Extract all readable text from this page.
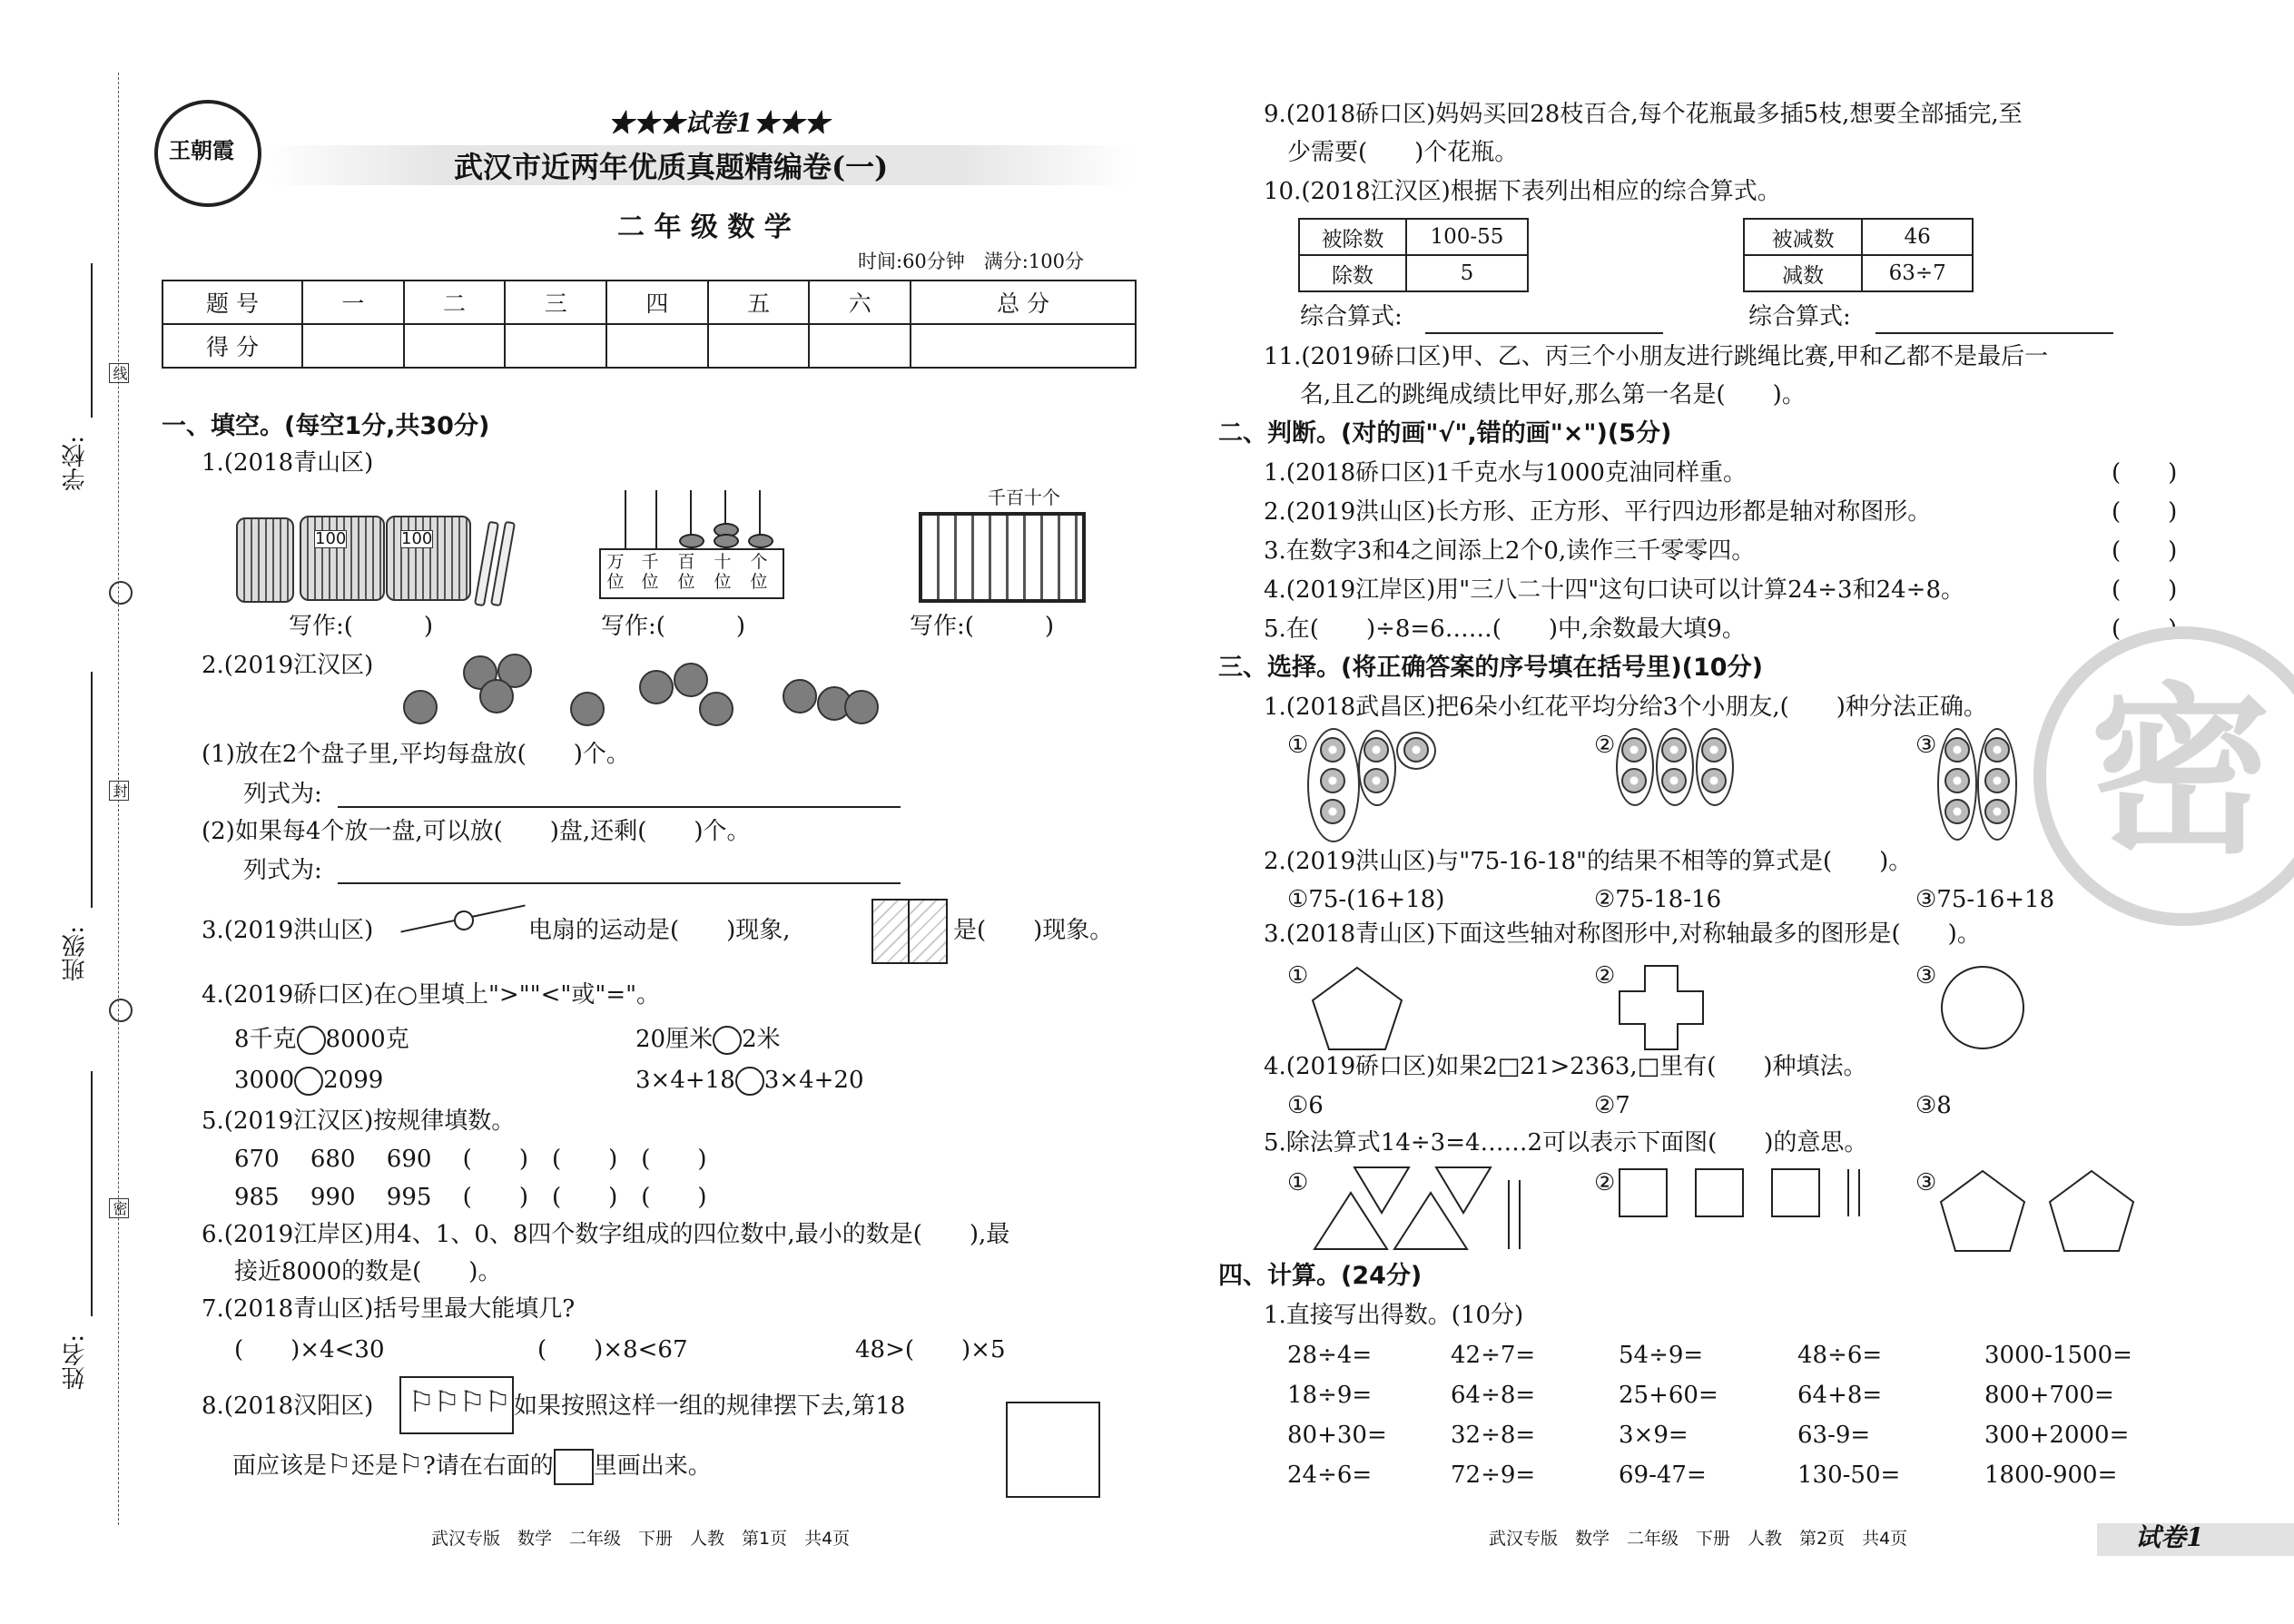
学校:
班级:
姓名:
线
封
密
王朝霞
★★★试卷1★★★
武汉市近两年优质真题精编卷(一)
二 年 级 数 学
时间:60分钟　满分:100分
题 号	一	二	三	四	五	六	总 分
得 分							
一、填空。(每空1分,共30分)
1.(2018青山区)
100	100
写作:(　　　)
万位
千位
百位
十位
个位
写作:(　　　)
千百十个
写作:(　　　)
2.(2019江汉区)
(1)放在2个盘子里,平均每盘放(　　)个。
列式为:
(2)如果每4个放一盘,可以放(　　)盘,还剩(　　)个。
列式为:
3.(2019洪山区)	电扇的运动是(　　)现象,	是(　　)现象。
4.(2019硚口区)在○里填上">""<"或"="。
8千克 8000克	20厘米 2米
3000 2099	3×4+18 3×4+20
5.(2019江汉区)按规律填数。
670　 680　 690　 (　　)　(　　)　(　　)
985　 990　 995　 (　　)　(　　)　(　　)
6.(2019江岸区)用4、1、0、8四个数字组成的四位数中,最小的数是(　　),最
接近8000的数是(　　)。
7.(2018青山区)括号里最大能填几?
(　　)×4<30	(　　)×8<67	48>(　　)×5
8.(2018汉阳区) ⚐ ⚐ ⚐ ⚐ 如果按照这样一组的规律摆下去,第18
面应该是⚐还是⚐?请在右面的 里画出来。
武汉专版　数学　二年级　下册　人教　第1页　共4页
9.(2018硚口区)妈妈买回28枝百合,每个花瓶最多插5枝,想要全部插完,至
少需要(　　)个花瓶。
10.(2018江汉区)根据下表列出相应的综合算式。
被除数	100-55
除数	5
被减数	46
减数	63÷7
综合算式:	综合算式:
11.(2019硚口区)甲、乙、丙三个小朋友进行跳绳比赛,甲和乙都不是最后一
名,且乙的跳绳成绩比甲好,那么第一名是(　　)。
二、判断。(对的画"√",错的画"×")(5分)
1.(2018硚口区)1千克水与1000克油同样重。
2.(2019洪山区)长方形、正方形、平行四边形都是轴对称图形。
3.在数字3和4之间添上2个0,读作三千零零四。
4.(2019江岸区)用"三八二十四"这句口诀可以计算24÷3和24÷8。
5.在(　　)÷8=6……(　　)中,余数最大填9。
(　　)
(　　)
(　　)
(　　)
(　　)
三、选择。(将正确答案的序号填在括号里)(10分)
1.(2018武昌区)把6朵小红花平均分给3个小朋友,(　　)种分法正确。
①	②	③
2.(2019洪山区)与"75-16-18"的结果不相等的算式是(　　)。
①75-(16+18)	②75-18-16	③75-16+18
3.(2018青山区)下面这些轴对称图形中,对称轴最多的图形是(　　)。
①	②	③
4.(2019硚口区)如果2□21>2363,□里有(　　)种填法。
①6	②7	③8
5.除法算式14÷3=4……2可以表示下面图(　　)的意思。
①	②	③
四、计算。(24分)
1.直接写出得数。(10分)
28÷4=	42÷7=	54÷9=	48÷6=	3000-1500=
18÷9=	64÷8=	25+60=	64+8=	800+700=
80+30=	32÷8=	3×9=	63-9=	300+2000=
24÷6=	72÷9=	69-47=	130-50=	1800-900=
武汉专版　数学　二年级　下册　人教　第2页　共4页	试卷1
密
